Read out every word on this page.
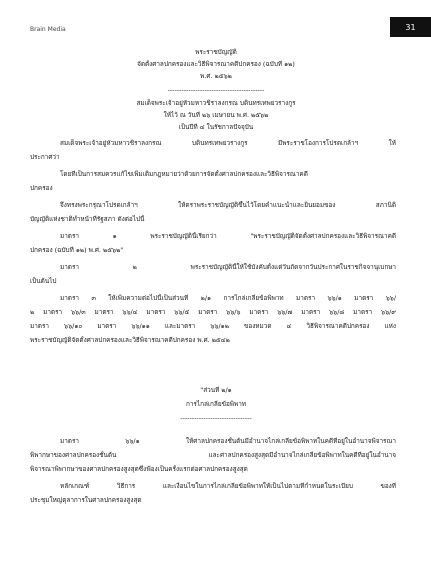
Brain Media	31
พระราชบัญญัติ
จัดตั้งศาลปกครองและวิธีพิจารณาคดีปกครอง (ฉบับที่ ๑๒)
พ.ศ. ๒๕๖๒
------------------------------------------
สมเด็จพระเจ้าอยู่หัวมหาวชิราลงกรณ บดินทรเทพยวรางกูร
ให้ไว้ ณ วันที่ ๒๖ เมษายน พ.ศ. ๒๕๖๒
เป็นปีที่ ๔ ในรัชกาลปัจจุบัน
สมเด็จพระเจ้าอยู่หัวมหาวชิราลงกรณ บดินทรเทพยวรางกูร มีพระราชโองการโปรดเกล้าฯ ให้
ประกาศว่า
โดยที่เป็นการสมควรแก้ไขเพิ่มเติมกฎหมายว่าด้วยการจัดตั้งศาลปกครองและวิธีพิจารณาคดี
ปกครอง
จึงทรงพระกรุณาโปรดเกล้าฯ ให้ตราพระราชบัญญัติขึ้นไว้โดยคำแนะนำและยินยอมของ สภานิติ
บัญญัติแห่งชาติทำหน้าที่รัฐสภา ดังต่อไปนี้
มาตรา ๑ พระราชบัญญัตินี้เรียกว่า "พระราชบัญญัติจัดตั้งศาลปกครองและวิธีพิจารณาคดี
ปกครอง (ฉบับที่ ๑๒) พ.ศ. ๒๕๖๒"
มาตรา ๒ พระราชบัญญัตินี้ให้ใช้บังคับตั้งแต่วันถัดจากวันประกาศในราชกิจจานุเบกษา
เป็นต้นไป
มาตรา ๓ ให้เพิ่มความต่อไปนี้เป็นส่วนที่ ๒/๑ การไกล่เกลี่ยข้อพิพาท มาตรา ๖๖/๑ มาตรา ๖๖/
๒ มาตรา ๖๖/๓ มาตรา ๖๖/๔ มาตรา ๖๖/๕ มาตรา ๖๖/๖ มาตรา ๖๖/๗ มาตรา ๖๖/๘ มาตรา ๖๖/๙
มาตรา ๖๖/๑๐ มาตรา ๖๖/๑๑ และมาตรา ๖๖/๑๒ ของหมวด ๔ วิธีพิจารณาคดีปกครอง แห่ง
พระราชบัญญัติจัดตั้งศาลปกครองและวิธีพิจารณาคดีปกครอง พ.ศ. ๒๕๔๒
"ส่วนที่ ๒/๑
การไกล่เกลี่ยข้อพิพาท
-------------------------------
มาตรา ๖๖/๑ ให้ศาลปกครองชั้นต้นมีอำนาจไกล่เกลี่ยข้อพิพาทในคดีที่อยู่ในอำนาจพิจารณา
พิพากษาของศาลปกครองชั้นต้น และศาลปกครองสูงสุดมีอำนาจไกล่เกลี่ยข้อพิพาทในคดีที่อยู่ในอำนาจ
พิจารณาพิพากษาของศาลปกครองสูงสุดซึ่งฟ้องเป็นครั้งแรกต่อศาลปกครองสูงสุด
หลักเกณฑ์ วิธีการ และเงื่อนไขในการไกล่เกลี่ยข้อพิพาทให้เป็นไปตามที่กำหนดในระเบียบ ของที่
ประชุมใหญ่ตุลาการในศาลปกครองสูงสุด
